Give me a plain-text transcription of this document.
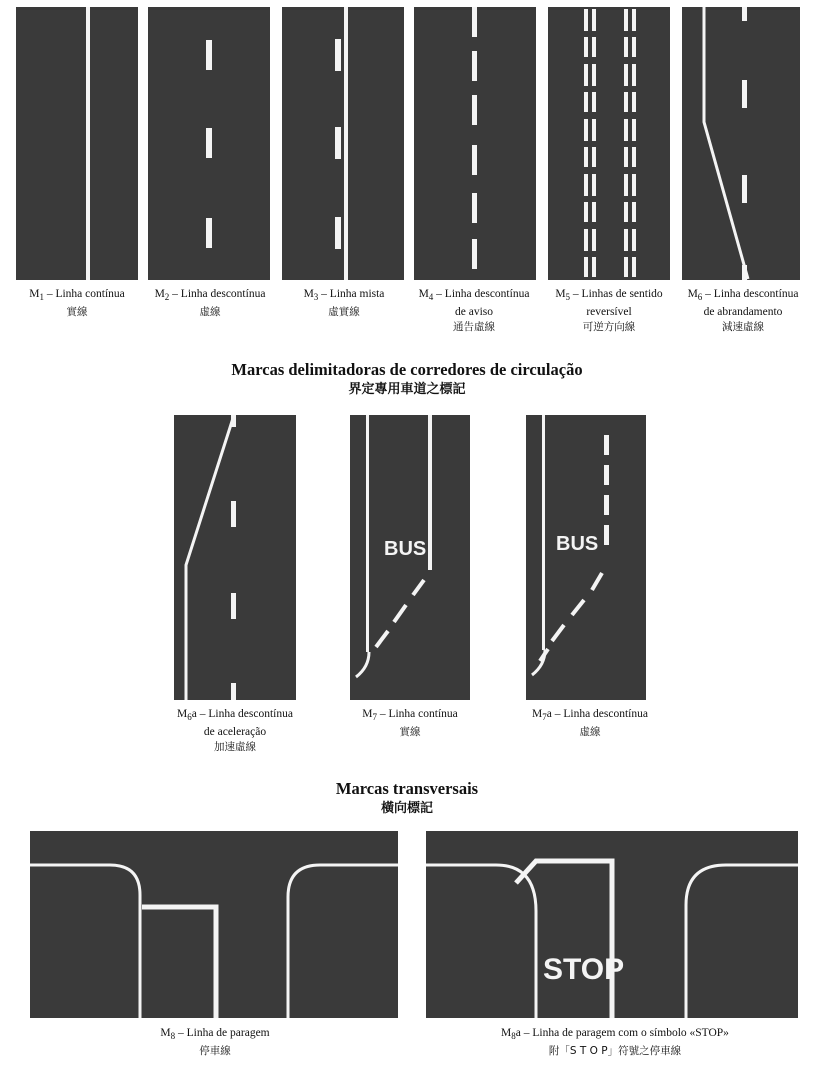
$M_1$ – Linha contínua
實線
$M_2$ – Linha descontínua
虛線
$M_3$ – Linha mista
虛實線
$M_4$ – Linha descontínua
de aviso
通告虛線
$M_5$ – Linhas de sentido
reversível
可逆方向線
$M_6$ – Linha descontínua
de abrandamento
減速虛線
Marcas delimitadoras de corredores de circulação
界定專用車道之標記
BUS	BUS
$M_6a$ – Linha descontínua
de aceleração
加速虛線
$M_7$ – Linha contínua
實線
$M_7a$ – Linha descontínua
虛線
Marcas transversais
橫向標記
STOP
$M_8$ – Linha de paragem
停車線
$M_8a$ – Linha de paragem com o símbolo «STOP»
附「S T O P」符號之停車線
